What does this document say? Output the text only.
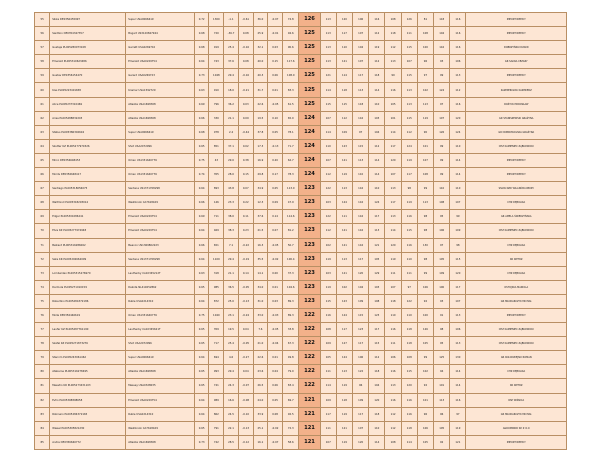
55	Sikka DE0356455997	Super USA0066619	0.72	1300	-1.1	-0.61	36.0	-0.07	74.8	126	113	120	106	116	108	126	81	118	116	IMPORT NIEMCY
56	Siedtion DE0354347357	Bogart US3120847944	0.68	720	-36.7	0.08	25.9	-0.01	94.6	125	113	117	107	112	118	111	108	104	116	IMPORT NIEMCY
57	Gustaja PL005280073108	Garrett USA0269710	0.68	919	25.4	-0.16	32.1	0.03	90.6	125	113	110	104	119	112	115	100	116	116	DOBRZYŃSKI DAWID
58	Emerald PL005310623486	Emerald USA0229754	0.64	743	37.6	0.08	40.0	0.15	117.6	125	113	121	107	112	113	107	96	93	106	GR SALWA CEZARY
59	Gustav DE0356154470	Gerard USA0269723	0.73	1048	29.4	-0.16	40.3	0.06	108.0	125	121	114	117	118	99	115	97	99	113	IMPORT NIEMCY
60	Kiss PL005223401658	Kramer USA1592729	0.63	910	18.0	-0.21	31.7	0.01	83.3	125	114	118	113	114	116	113	102	124	112	KAZMIERCZAK KAZIMIERZ
61	Alice PL005237310469	Atlastia USA1698308	0.69	796	36.2	0.03	22.6	-0.05	61.5	125	115	115	118	110	105	113	113	97	116	ROŻYCKI MIROSŁAW
62	Aries PL005288832203	Atlastia USA1698308	0.66	330	21.1	0.09	19.5	0.10	65.0	124	107	112	116	103	101	115	119	107	120	GR STANISZEWSKI GRAŻYNA
63	Status PL005386302604	Super USA0066619	0.68	978	2.4	-0.44	37.8	0.05	78.1	124	114	109	97	104	114	112	90	126	124	GR DOBROWOLSKA GRAŻYNA
64	Skutter KZ PL005277974526	Shot USA2072996	0.65	851	37.1	0.02	17.3	-0.13	71.7	124	110	123	115	112	117	124	101	99	110	CHZ KAMIENIEC ZĄBKOWICKI
65	Mirco DE0356648453	Omen US1331640776	0.75	43	29.0	0.38	16.9	0.20	62.7	124	107	121	113	114	120	119	107	99	114	IMPORT NIEMCY
66	Mords DE0356648417	Omen US1331640776	0.74	355	28.0	0.15	29.8	0.17	78.3	124	112	119	110	114	107	117	108	99	114	IMPORT NIEMCY
67	Santiago PL005318056075	Santana US1371708298	0.64	893	43.8	0.07	34.9	0.05	113.0	123	122	113	116	110	113	98	99	110	110	SSGW NZD WILANÓW-OBORY
68	Waltmind PL005318293014	Westbrook CA7618429	0.66	146	23.3	0.22	12.3	0.09	47.9	123	103	124	116	124	117	119	113	108	107	CHZ DĘBOLIKA
69	Edgar PL005301086241	Emerald USA0229754	0.69	711	38.0	0.11	37.6	0.14	114.6	123	122	111	116	117	113	116	98	95	99	GR AMELA ŚWIERZYŃSKA
70	Elvis KZ PL005277974948	Emerald USA0229754	0.64	469	38.3	0.23	21.5	0.07	81.2	123	112	121	116	113	114	115	98	106	109	CHZ KAMIENIEC ZĄBKOWICKI
71	Belkant PL005316286062	Beacon US1369802223	0.66	651	7.1	-0.22	16.3	-0.05	50.7	123	102	121	116	121	120	116	130	97	98	CHZ DĘBOLIKA
72	Salis KR PL005292662009	Santana US1371708298	0.64	1109	29.4	-0.19	35.5	-0.02	100.4	123	119	113	117	105	119	110	98	105	115	KR KIETRZ
73	Lombarden PL005315276970	Lautherby CA10345212T	0.63	318	21.1	0.14	14.1	0.00	37.3	123	103	121	120	129	111	111	99	109	120	CHZ DĘBOLIKA
74	Darmola PL005271010159	Dakota NL419252862	0.65	985	36.5	-0.05	34.0	0.01	104.6	123	119	102	104	103	107	97	106	100	117	OSTOJSKA MARIOLA
75	Robertino PL005284372186	Ruble USA0214310	0.64	872	25.0	-0.13	31.0	0.03	89.3	123	115	123	109	108	118	122	92	93	107	GR MŁODARCZYK MICHAŁ
76	Molle DE0356446619	Omen US1331640776	0.75	1040	23.1	-0.24	33.0	-0.03	89.3	122	116	124	115	123	110	110	100	91	113	IMPORT NIEMCY
77	Laufer KZ PL005287761190	Lautherby CA10345621T	0.65	359	19.5	0.04	7.6	-0.05	33.8	122	108	117	123	117	116	118	126	98	106	CHZ KAMIENIEC ZĄBKOWICKI
78	Szafel KZ PL005271873276	Shot USA2072996	0.65	717	25.4	-0.05	21.0	-0.04	67.3	122	109	127	117	115	111	118	105	95	113	CHZ KAMIENIEC ZĄBKOWICKI
79	Starnim PL005243061462	Super USA0066619	0.64	694	4.6	-0.27	22.6	0.01	49.8	122	105	124	106	112	106	108	99	125	130	GR KOŁODZIEJSKI ROMAN
80	Atabarne PL005316278495	Atlastia USA1698308	0.65	993	29.4	0.04	23.6	0.04	79.0	122	111	113	122	118	116	115	102	94	114	CHZ DĘBOLIKA
81	Maestro KR PL005273431103	Massey USA0328035	0.65	741	24.3	-0.07	26.5	0.06	83.4	122	114	119	96	104	113	120	92	101	114	KR KIETRZ
82	Evho PL005308898658	Emerald USA0229754	0.64	989	16.6	-0.08	24.0	0.05	69.7	121	109	118	109	120	116	116	101	113	116	RSP WIŚNICA
83	Robinaro PL005284372165	Ruble USA0214310	0.64	862	24.5	-0.10	33.9	0.08	92.5	121	117	119	117	118	112	116	96	96	97	GR MŁODARCZYK MICHAŁ
84	Wiesel PL005305821230	Westbrook CA7618429	0.65	791	22.1	-0.13	25.1	-0.02	72.3	121	111	121	107	110	112	118	106	105	119	AGROMINOR SP. Z O.O
85	Andre DE0356660772	Atlastia USA1698308	0.73	742	28.5	-0.12	16.1	-0.07	58.6	121	107	119	120	114	108	114	105	92	121	IMPORT NIEMCY
